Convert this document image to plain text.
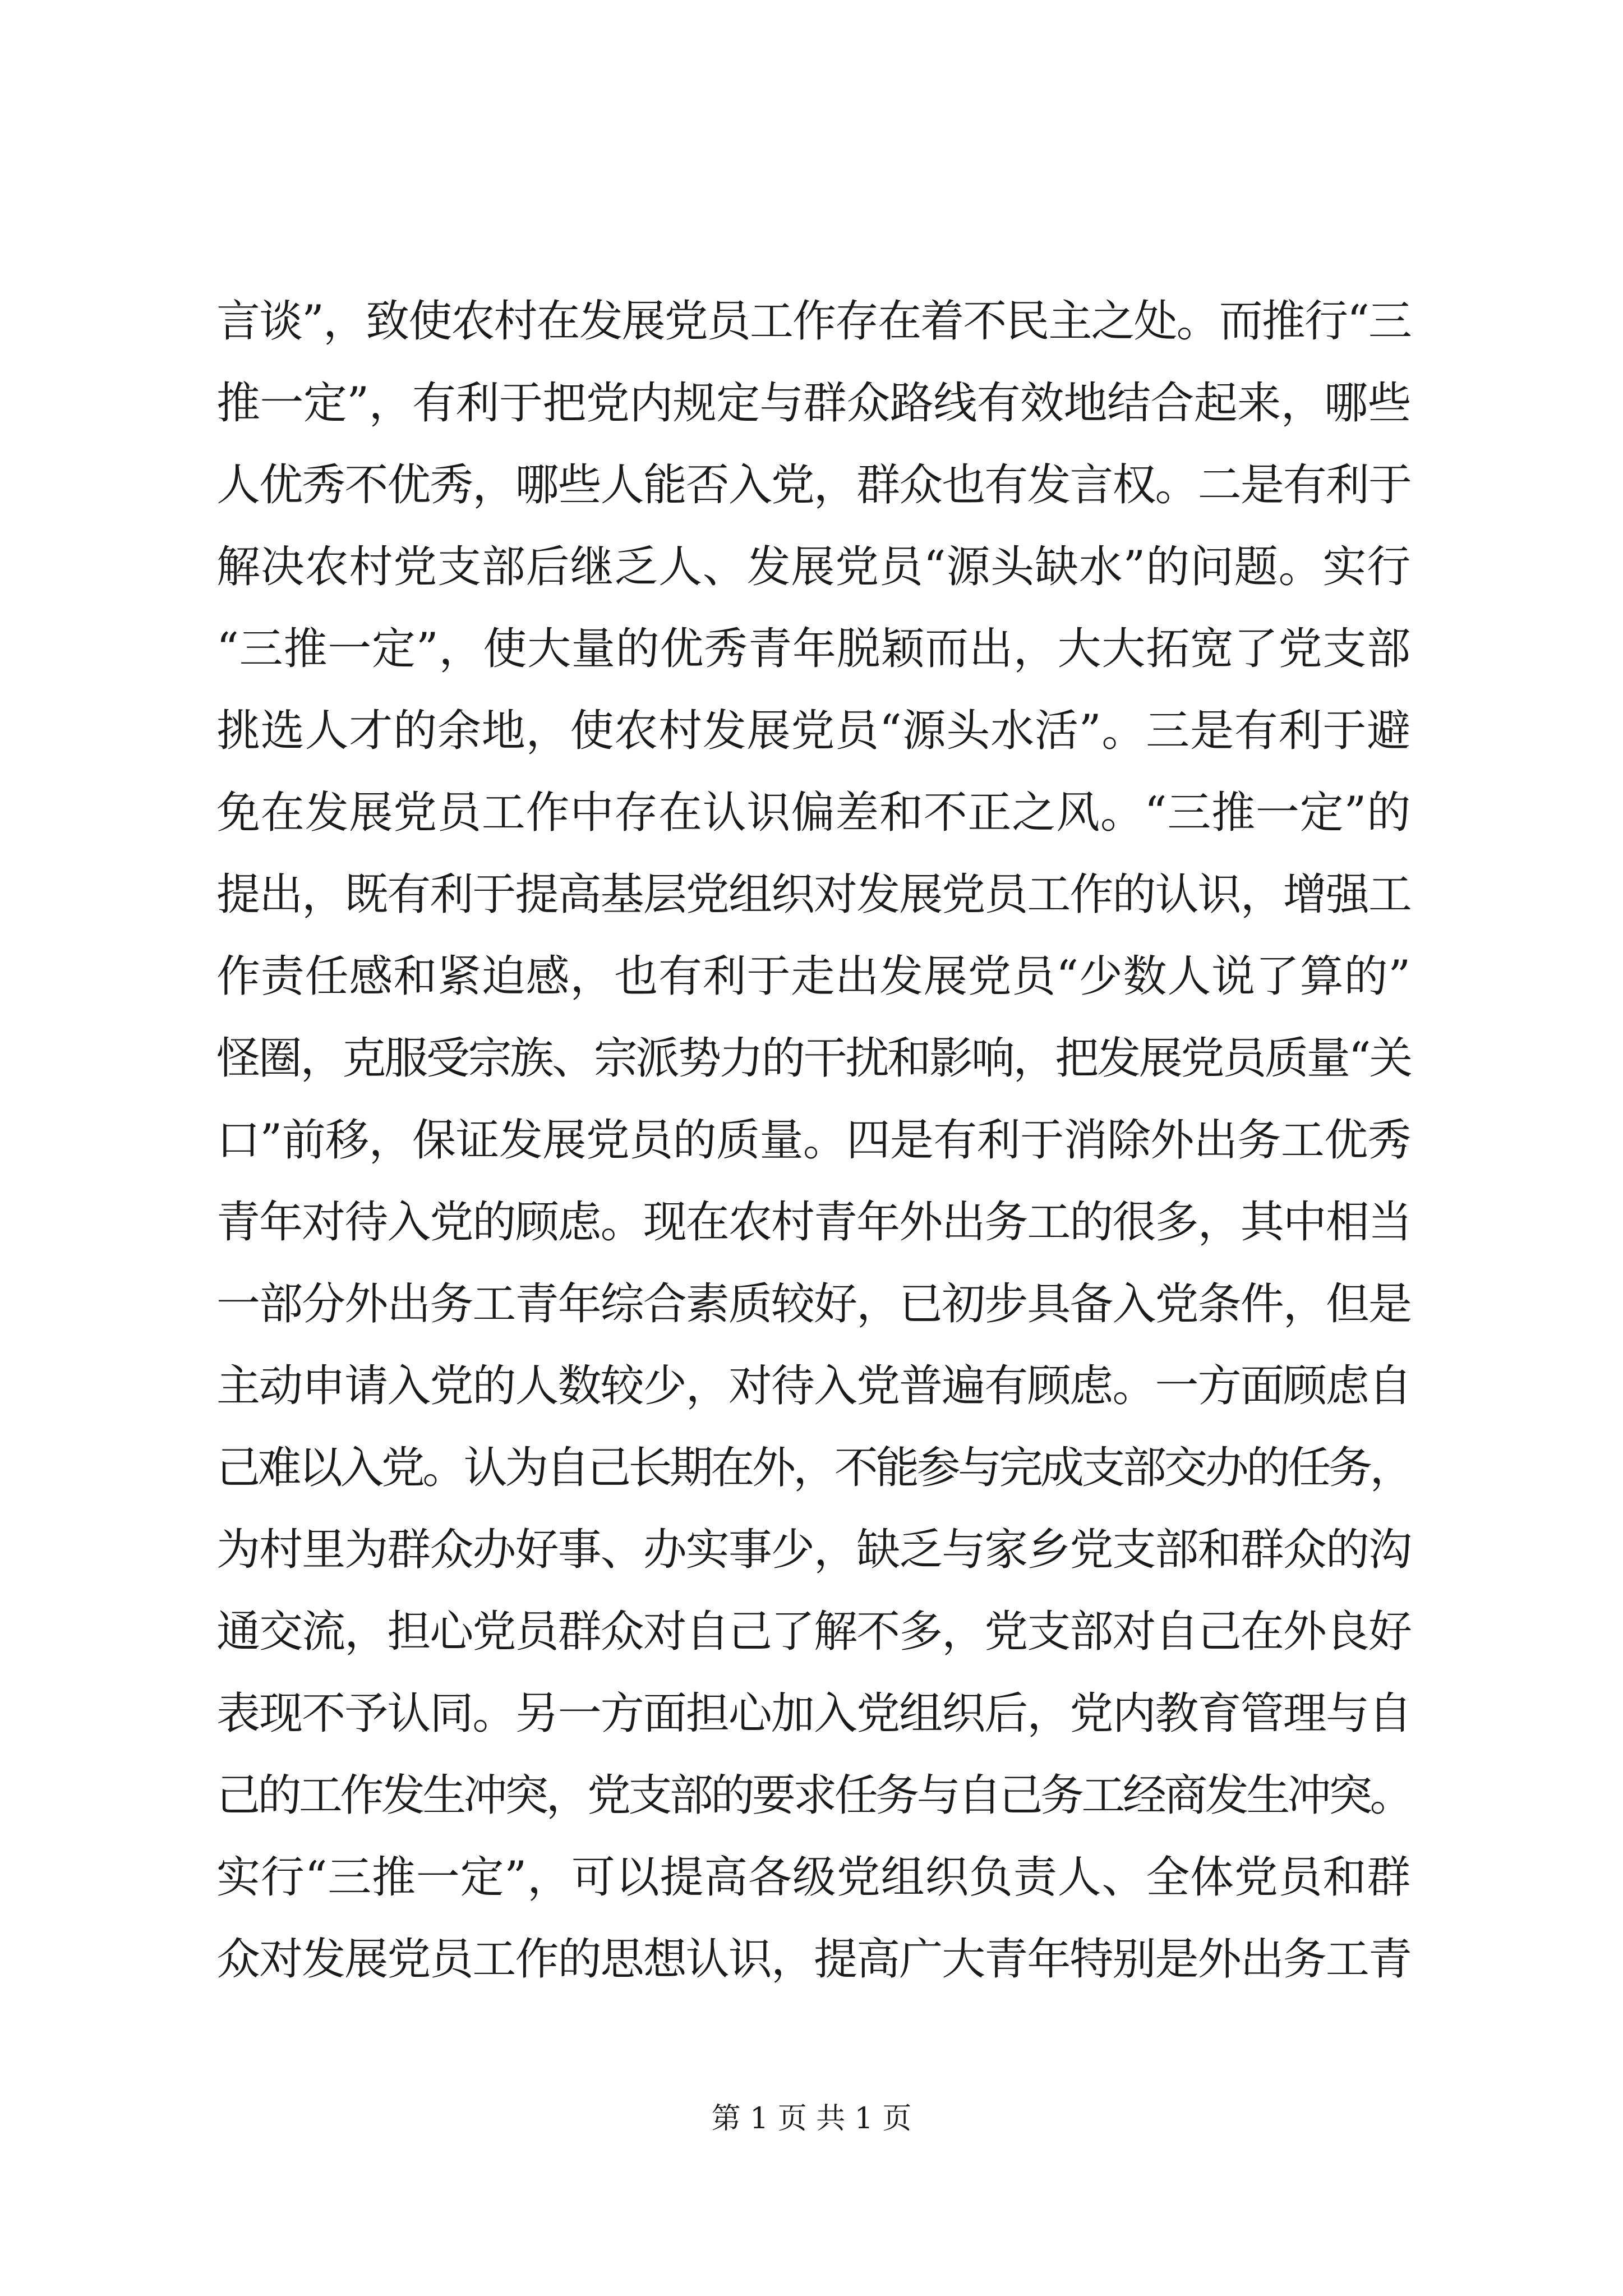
言谈”，致使农村在发展党员工作存在着不民主之处。而推行“三
推一定”，有利于把党内规定与群众路线有效地结合起来，哪些
人优秀不优秀，哪些人能否入党，群众也有发言权。二是有利于
解决农村党支部后继乏人、发展党员“源头缺水”的问题。实行
“三推一定”，使大量的优秀青年脱颖而出，大大拓宽了党支部
挑选人才的余地，使农村发展党员“源头水活”。三是有利于避
免在发展党员工作中存在认识偏差和不正之风。“三推一定”的
提出，既有利于提高基层党组织对发展党员工作的认识，增强工
作责任感和紧迫感，也有利于走出发展党员“少数人说了算的”
怪圈，克服受宗族、宗派势力的干扰和影响，把发展党员质量“关
口”前移，保证发展党员的质量。四是有利于消除外出务工优秀
青年对待入党的顾虑。现在农村青年外出务工的很多，其中相当
一部分外出务工青年综合素质较好，已初步具备入党条件，但是
主动申请入党的人数较少，对待入党普遍有顾虑。一方面顾虑自
己难以入党。认为自己长期在外，不能参与完成支部交办的任务，
为村里为群众办好事、办实事少，缺乏与家乡党支部和群众的沟
通交流，担心党员群众对自己了解不多，党支部对自己在外良好
表现不予认同。另一方面担心加入党组织后，党内教育管理与自
己的工作发生冲突，党支部的要求任务与自己务工经商发生冲突。
实行“三推一定”，可以提高各级党组织负责人、全体党员和群
众对发展党员工作的思想认识，提高广大青年特别是外出务工青
第 1 页 共 1 页
